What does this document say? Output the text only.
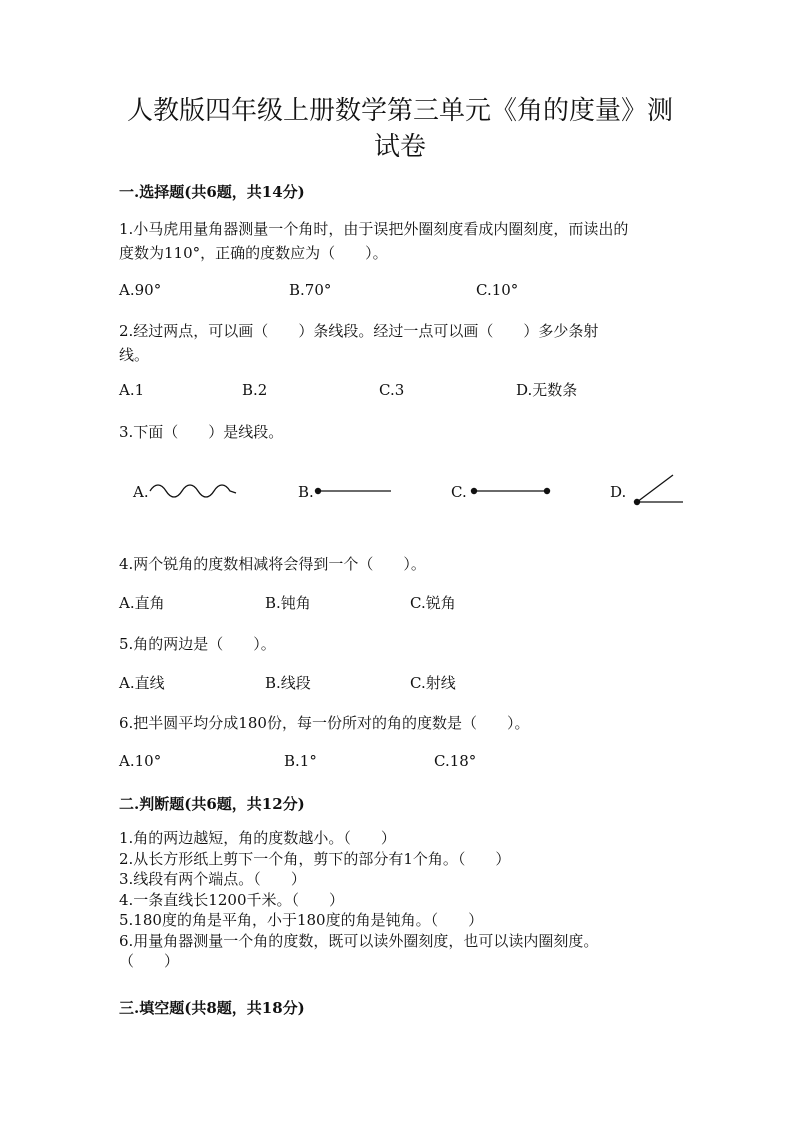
人教版四年级上册数学第三单元《角的度量》测试卷
一.选择题(共6题，共14分)
1.小马虎用量角器测量一个角时，由于误把外圈刻度看成内圈刻度，而读出的
度数为110°，正确的度数应为（　　）。
A.90°	B.70°	C.10°
2.经过两点，可以画（　　）条线段。经过一点可以画（　　）多少条射
线。
A.1	B.2	C.3	D.无数条
3.下面（　　）是线段。
A.	B.	C.	D.
4.两个锐角的度数相减将会得到一个（　　）。
A.直角	B.钝角	C.锐角
5.角的两边是（　　）。
A.直线	B.线段	C.射线
6.把半圆平均分成180份，每一份所对的角的度数是（　　）。
A.10°	B.1°	C.18°
二.判断题(共6题，共12分)
1.角的两边越短，角的度数越小。（　　）
2.从长方形纸上剪下一个角，剪下的部分有1个角。（　　）
3.线段有两个端点。（　　）
4.一条直线长1200千米。（　　）
5.180度的角是平角，小于180度的角是钝角。（　　）
6.用量角器测量一个角的度数，既可以读外圈刻度，也可以读内圈刻度。
（　　）
三.填空题(共8题，共18分)
